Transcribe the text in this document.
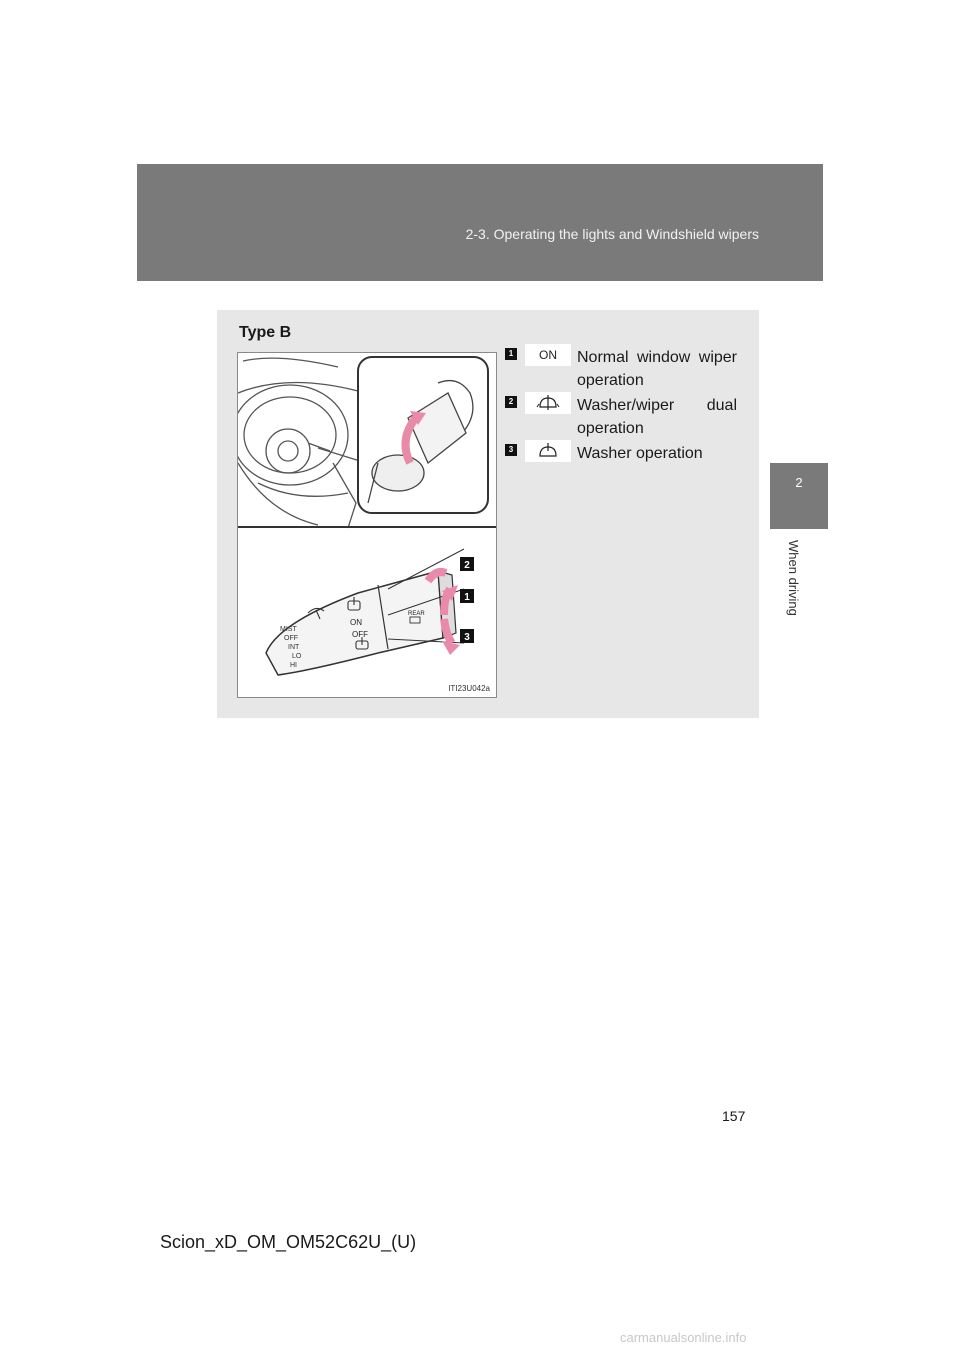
2-3. Operating the lights and Windshield wipers
2
When driving
Type B
MIST
OFF
INT
LO
HI
ON
OFF
REAR
2
1
3
ITI23U042a
1	ON	Normal window wiper operation
2	Washer/wiper dual operation
3	Washer operation
157
Scion_xD_OM_OM52C62U_(U)
carmanualsonline.info
